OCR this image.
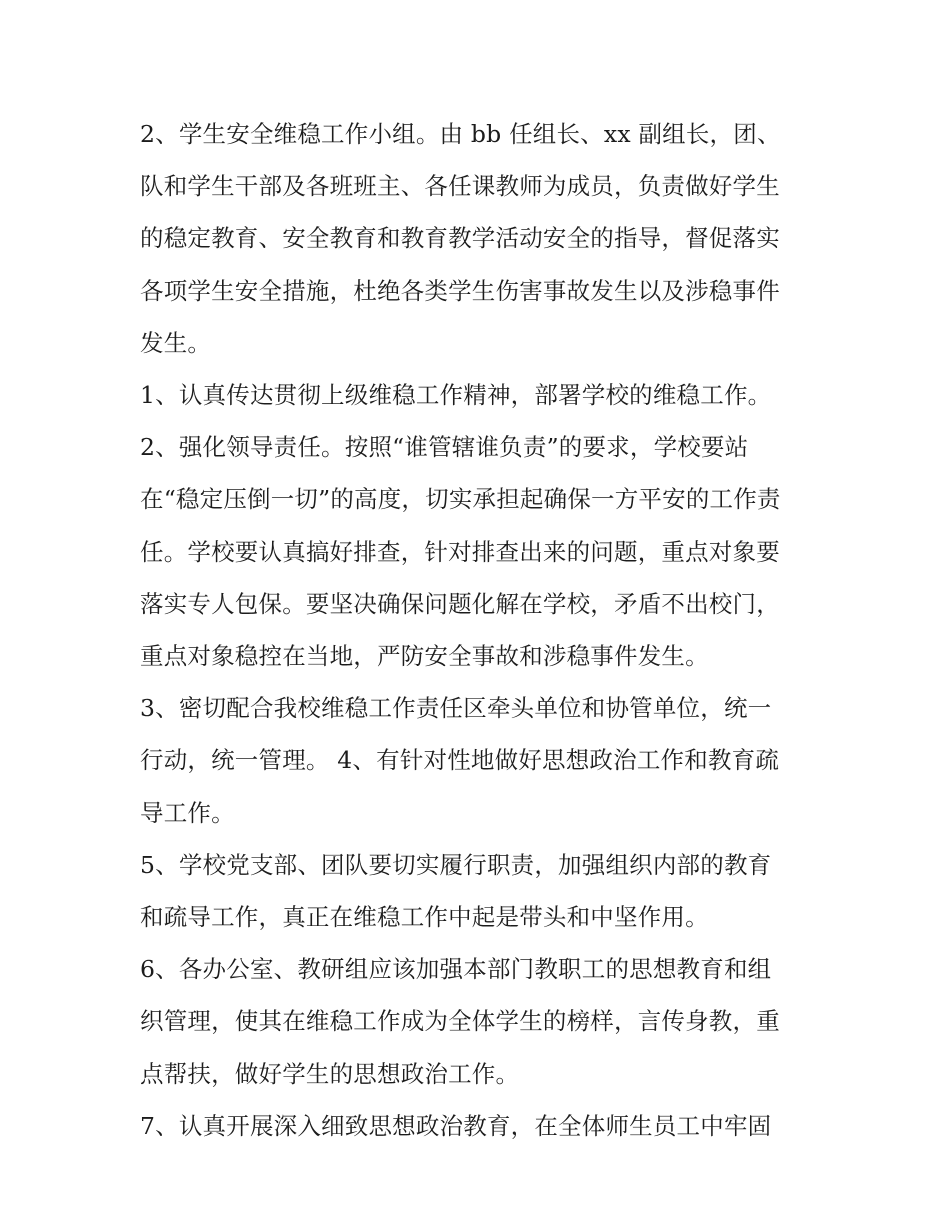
2、学生安全维稳工作小组。由 bb 任组长、xx 副组长，团、
队和学生干部及各班班主、各任课教师为成员，负责做好学生
的稳定教育、安全教育和教育教学活动安全的指导，督促落实
各项学生安全措施，杜绝各类学生伤害事故发生以及涉稳事件
发生。
1、认真传达贯彻上级维稳工作精神，部署学校的维稳工作。
2、强化领导责任。按照“谁管辖谁负责”的要求，学校要站
在“稳定压倒一切”的高度，切实承担起确保一方平安的工作责
任。学校要认真搞好排查，针对排查出来的问题，重点对象要
落实专人包保。要坚决确保问题化解在学校，矛盾不出校门，
重点对象稳控在当地，严防安全事故和涉稳事件发生。
3、密切配合我校维稳工作责任区牵头单位和协管单位，统一
行动，统一管理。 4、有针对性地做好思想政治工作和教育疏
导工作。
5、学校党支部、团队要切实履行职责，加强组织内部的教育
和疏导工作，真正在维稳工作中起是带头和中坚作用。
6、各办公室、教研组应该加强本部门教职工的思想教育和组
织管理，使其在维稳工作成为全体学生的榜样，言传身教，重
点帮扶，做好学生的思想政治工作。
7、认真开展深入细致思想政治教育，在全体师生员工中牢固
